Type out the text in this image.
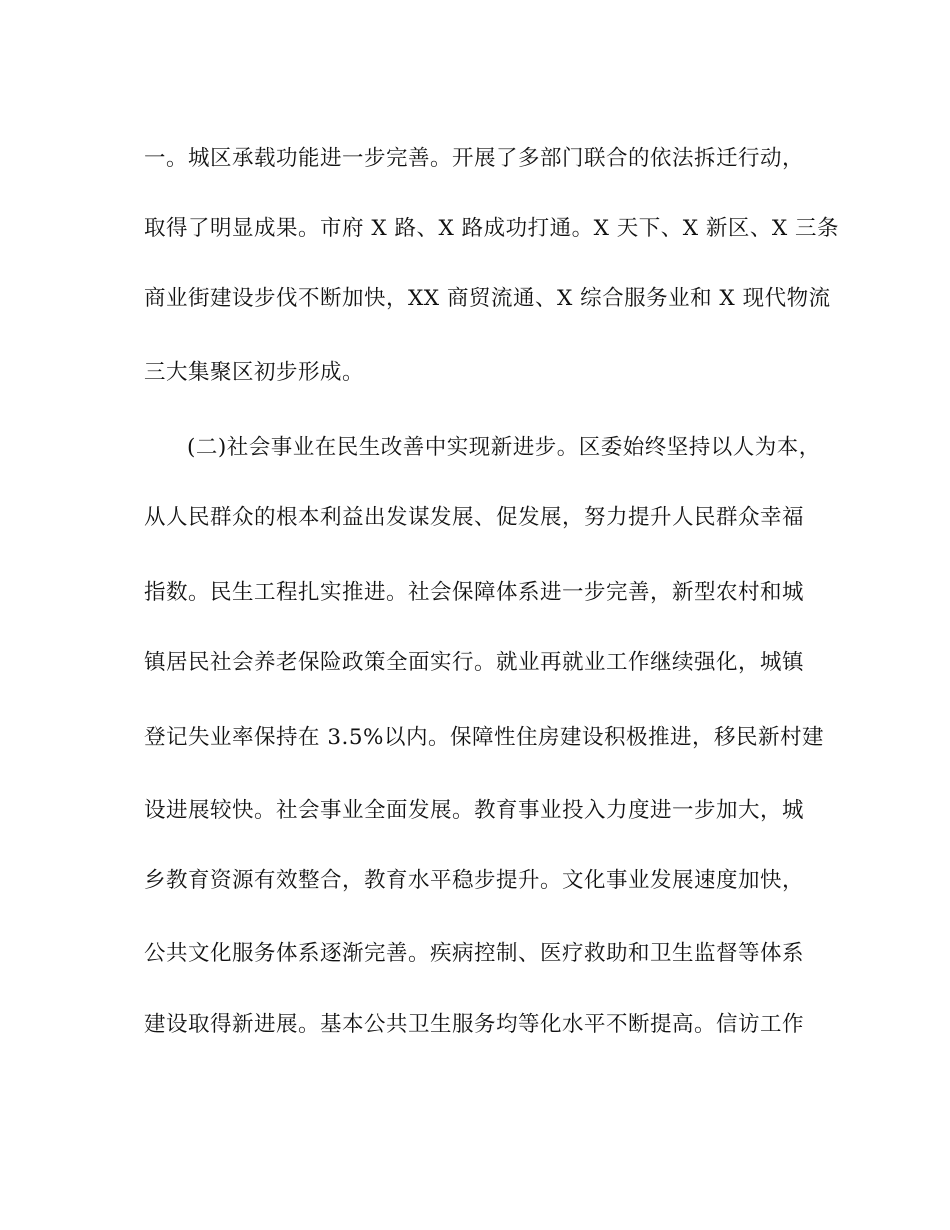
一。城区承载功能进一步完善。开展了多部门联合的依法拆迁行动，
取得了明显成果。市府 X 路、X 路成功打通。X 天下、X 新区、X 三条
商业街建设步伐不断加快，XX 商贸流通、X 综合服务业和 X 现代物流
三大集聚区初步形成。
(二)社会事业在民生改善中实现新进步。区委始终坚持以人为本，
从人民群众的根本利益出发谋发展、促发展，努力提升人民群众幸福
指数。民生工程扎实推进。社会保障体系进一步完善，新型农村和城
镇居民社会养老保险政策全面实行。就业再就业工作继续强化，城镇
登记失业率保持在 3.5%以内。保障性住房建设积极推进，移民新村建
设进展较快。社会事业全面发展。教育事业投入力度进一步加大，城
乡教育资源有效整合，教育水平稳步提升。文化事业发展速度加快，
公共文化服务体系逐渐完善。疾病控制、医疗救助和卫生监督等体系
建设取得新进展。基本公共卫生服务均等化水平不断提高。信访工作
